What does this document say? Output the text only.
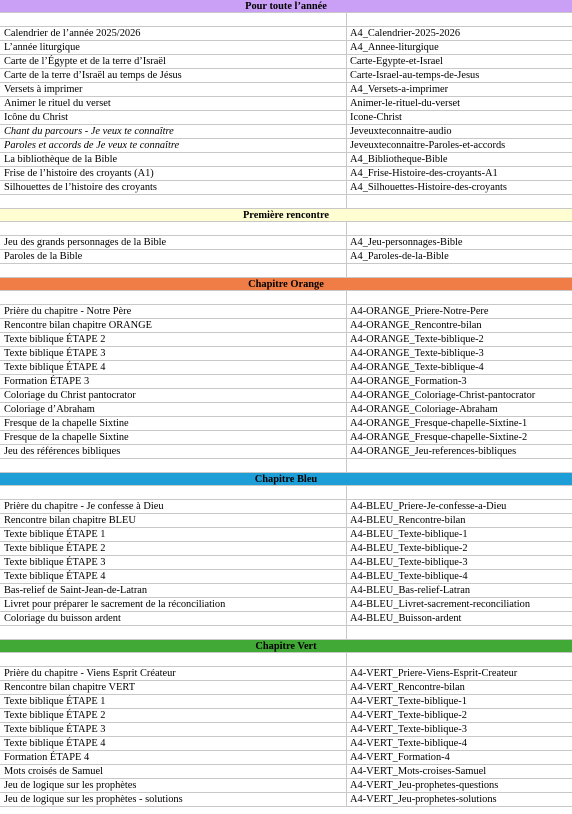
Pour toute l’année
Calendrier de l’année 2025/2026	A4_Calendrier-2025-2026
L’année liturgique	A4_Annee-liturgique
Carte de l’Égypte et de la terre d’Israël	Carte-Egypte-et-Israel
Carte de la terre d’Israël au temps de Jésus	Carte-Israel-au-temps-de-Jesus
Versets à imprimer	A4_Versets-a-imprimer
Animer le rituel du verset	Animer-le-rituel-du-verset
Icône du Christ	Icone-Christ
Chant du parcours - Je veux te connaître	Jeveuxteconnaitre-audio
Paroles et accords de Je veux te connaître	Jeveuxteconnaitre-Paroles-et-accords
La bibliothèque de la Bible	A4_Bibliotheque-Bible
Frise de l’histoire des croyants (A1)	A4_Frise-Histoire-des-croyants-A1
Silhouettes de l’histoire des croyants	A4_Silhouettes-Histoire-des-croyants
Première rencontre
Jeu des grands personnages de la Bible	A4_Jeu-personnages-Bible
Paroles de la Bible	A4_Paroles-de-la-Bible
Chapitre Orange
Prière du chapitre - Notre Père	A4-ORANGE_Priere-Notre-Pere
Rencontre bilan chapitre ORANGE	A4-ORANGE_Rencontre-bilan
Texte biblique ÉTAPE 2	A4-ORANGE_Texte-biblique-2
Texte biblique ÉTAPE 3	A4-ORANGE_Texte-biblique-3
Texte biblique ÉTAPE 4	A4-ORANGE_Texte-biblique-4
Formation ÉTAPE 3	A4-ORANGE_Formation-3
Coloriage du Christ pantocrator	A4-ORANGE_Coloriage-Christ-pantocrator
Coloriage d’Abraham	A4-ORANGE_Coloriage-Abraham
Fresque de la chapelle Sixtine	A4-ORANGE_Fresque-chapelle-Sixtine-1
Fresque de la chapelle Sixtine	A4-ORANGE_Fresque-chapelle-Sixtine-2
Jeu des références bibliques	A4-ORANGE_Jeu-references-bibliques
Chapitre Bleu
Prière du chapitre - Je confesse à Dieu	A4-BLEU_Priere-Je-confesse-a-Dieu
Rencontre bilan chapitre BLEU	A4-BLEU_Rencontre-bilan
Texte biblique ÉTAPE 1	A4-BLEU_Texte-biblique-1
Texte biblique ÉTAPE 2	A4-BLEU_Texte-biblique-2
Texte biblique ÉTAPE 3	A4-BLEU_Texte-biblique-3
Texte biblique ÉTAPE 4	A4-BLEU_Texte-biblique-4
Bas-relief de Saint-Jean-de-Latran	A4-BLEU_Bas-relief-Latran
Livret pour préparer le sacrement de la réconciliation	A4-BLEU_Livret-sacrement-reconciliation
Coloriage du buisson ardent	A4-BLEU_Buisson-ardent
Chapitre Vert
Prière du chapitre - Viens Esprit Créateur	A4-VERT_Priere-Viens-Esprit-Createur
Rencontre bilan chapitre VERT	A4-VERT_Rencontre-bilan
Texte biblique ÉTAPE 1	A4-VERT_Texte-biblique-1
Texte biblique ÉTAPE 2	A4-VERT_Texte-biblique-2
Texte biblique ÉTAPE 3	A4-VERT_Texte-biblique-3
Texte biblique ÉTAPE 4	A4-VERT_Texte-biblique-4
Formation ÉTAPE 4	A4-VERT_Formation-4
Mots croisés de Samuel	A4-VERT_Mots-croises-Samuel
Jeu de logique sur les prophètes	A4-VERT_Jeu-prophetes-questions
Jeu de logique sur les prophètes - solutions	A4-VERT_Jeu-prophetes-solutions
